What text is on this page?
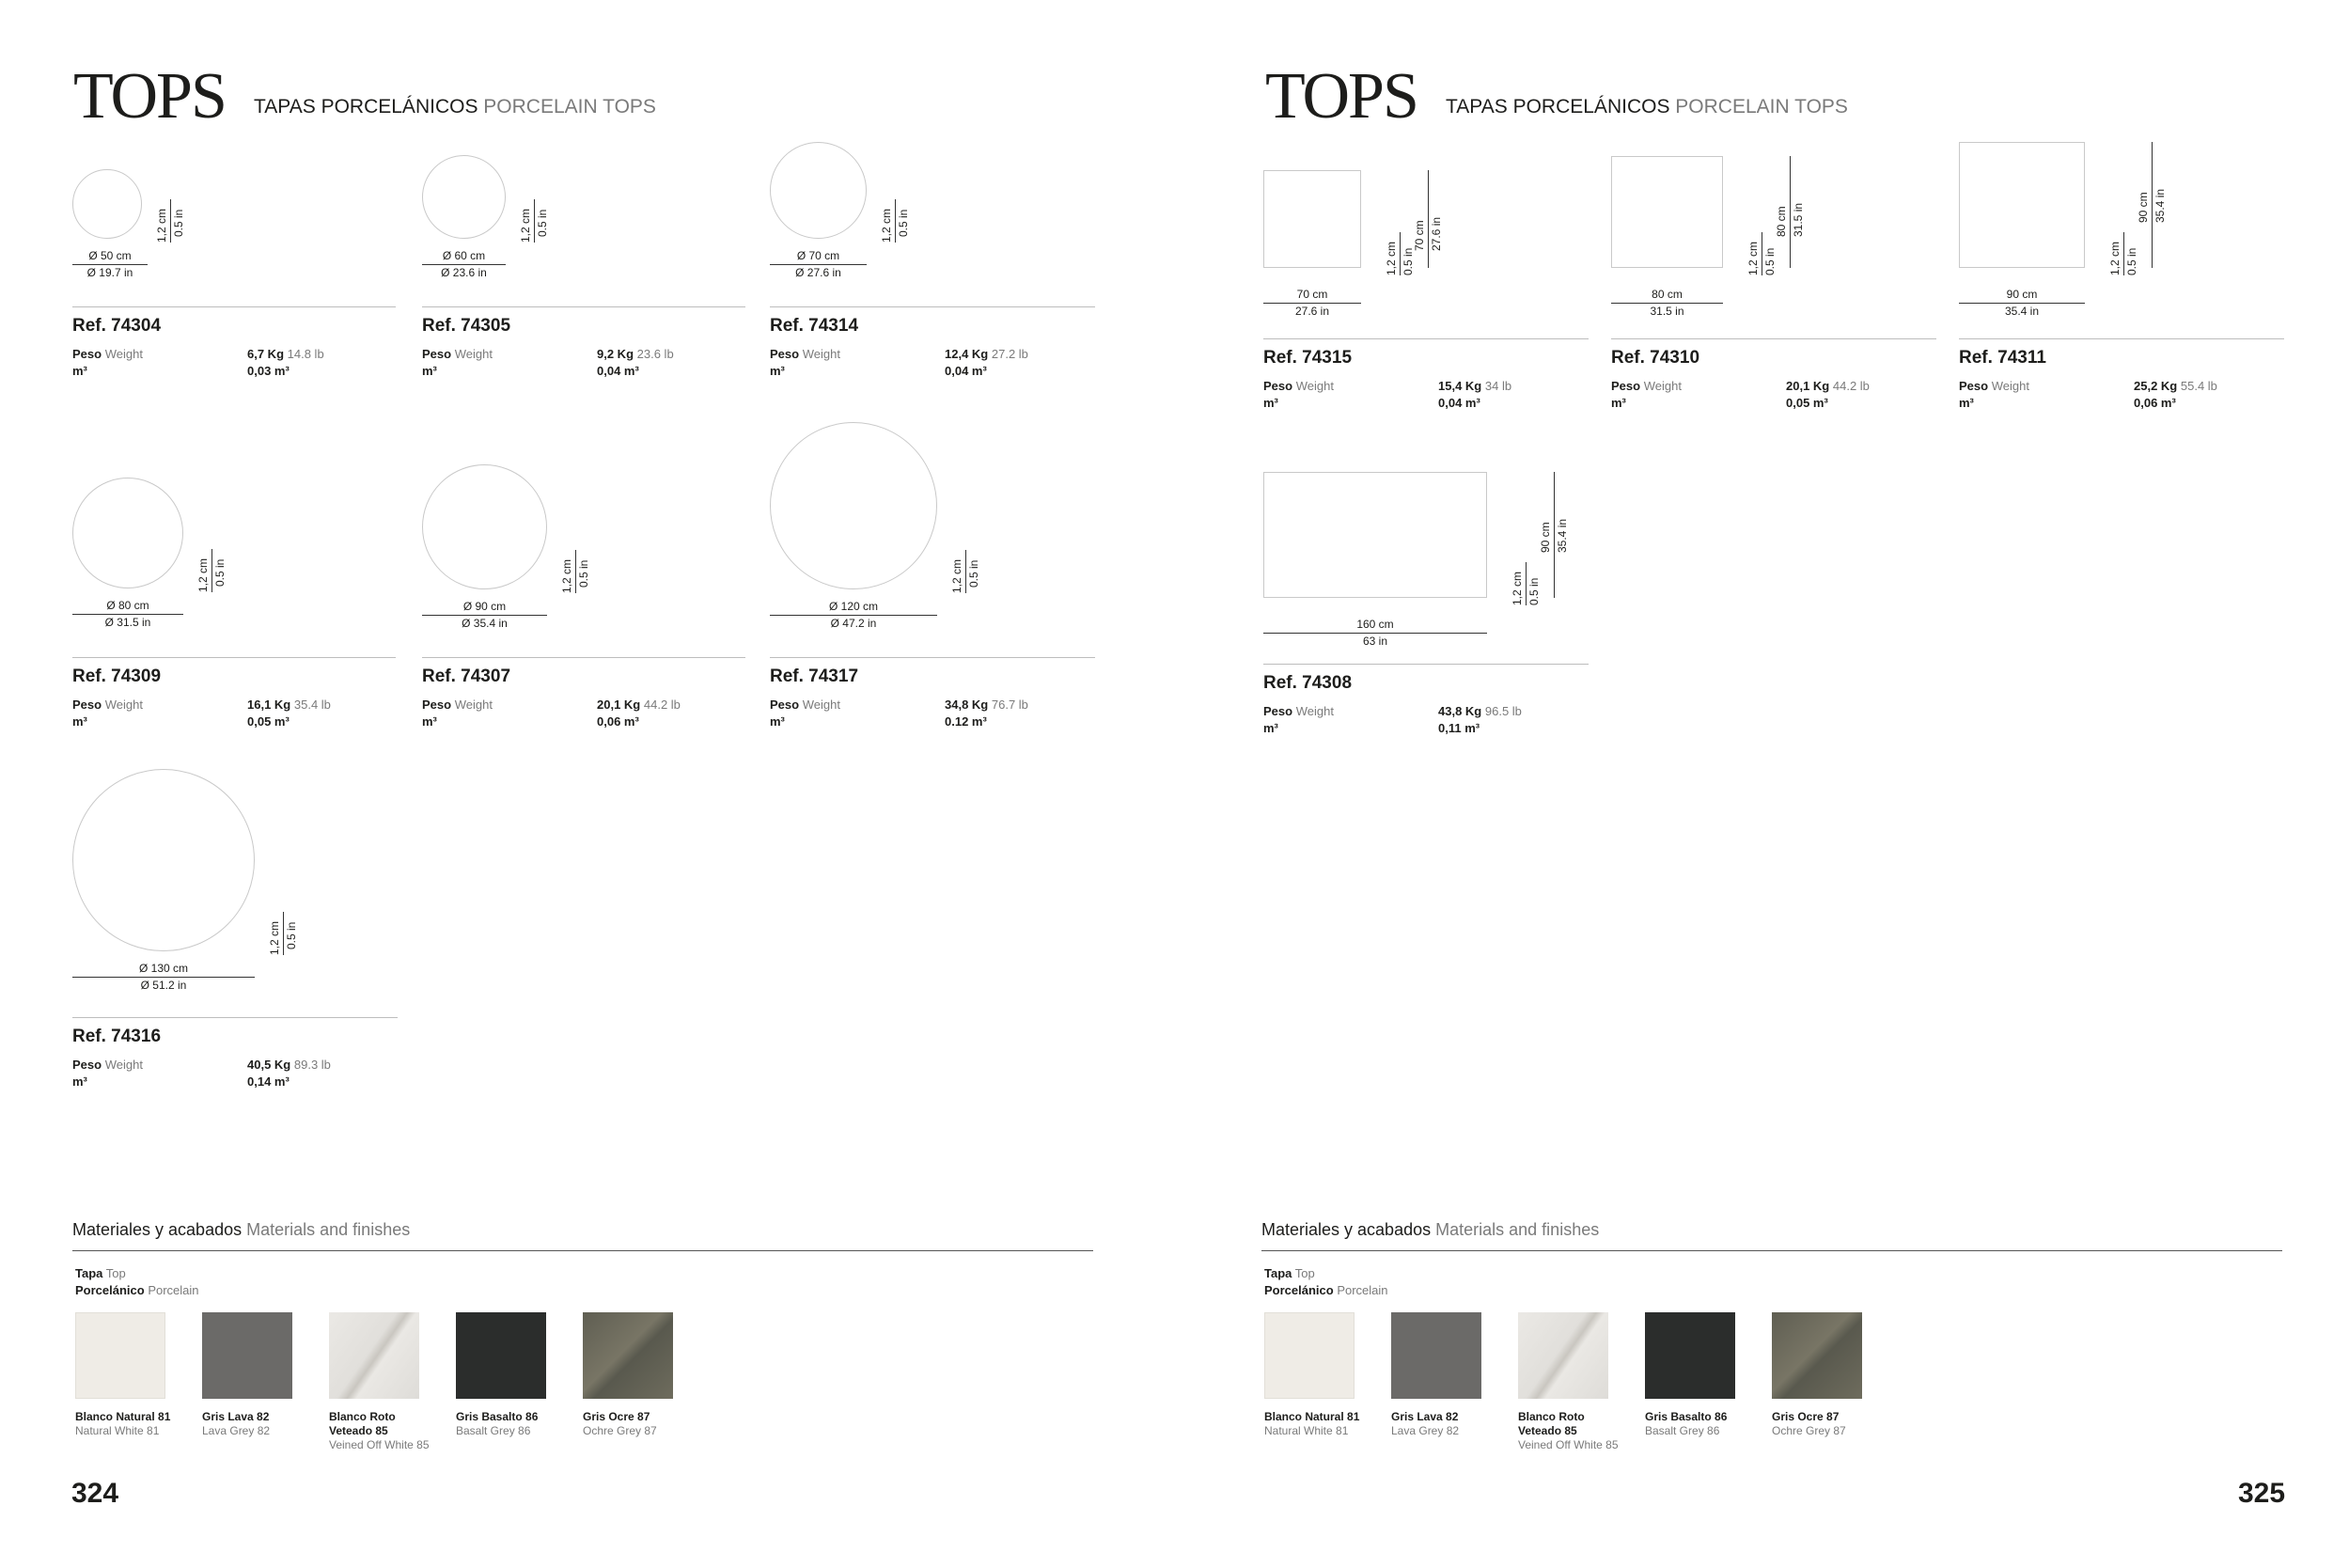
TOPS TAPAS PORCELÁNICOS PORCELAIN TOPS
Ø 50 cm
Ø 19.7 in
1,2 cm 0.5 in
Ref. 74304
Peso Weight
m³
6,7 Kg 14.8 lb
0,03 m³
Ø 60 cm
Ø 23.6 in
1,2 cm 0.5 in
Ref. 74305
Peso Weight
m³
9,2 Kg 23.6 lb
0,04 m³
Ø 70 cm
Ø 27.6 in
1,2 cm 0.5 in
Ref. 74314
Peso Weight
m³
12,4 Kg 27.2 lb
0,04 m³
Ø 80 cm
Ø 31.5 in
1,2 cm 0.5 in
Ref. 74309
Peso Weight
m³
16,1 Kg 35.4 lb
0,05 m³
Ø 90 cm
Ø 35.4 in
1,2 cm 0.5 in
Ref. 74307
Peso Weight
m³
20,1 Kg 44.2 lb
0,06 m³
Ø 120 cm
Ø 47.2 in
1,2 cm 0.5 in
Ref. 74317
Peso Weight
m³
34,8 Kg 76.7 lb
0.12 m³
Ø 130 cm
Ø 51.2 in
1,2 cm 0.5 in
Ref. 74316
Peso Weight
m³
40,5 Kg 89.3 lb
0,14 m³
TOPS TAPAS PORCELÁNICOS PORCELAIN TOPS
70 cm
27.6 in
1,2 cm 0.5 in
70 cm 27.6 in
Ref. 74315
Peso Weight
m³
15,4 Kg 34 lb
0,04 m³
80 cm
31.5 in
1,2 cm 0.5 in
80 cm 31.5 in
Ref. 74310
Peso Weight
m³
20,1 Kg 44.2 lb
0,05 m³
90 cm
35.4 in
1,2 cm 0.5 in
90 cm 35.4 in
Ref. 74311
Peso Weight
m³
25,2 Kg 55.4 lb
0,06 m³
160 cm
63 in
1,2 cm 0.5 in
90 cm 35.4 in
Ref. 74308
Peso Weight
m³
43,8 Kg 96.5 lb
0,11 m³
Materiales y acabados Materials and finishes
Tapa Top
Porcelánico Porcelain
Blanco Natural 81
Natural White 81
Gris Lava 82
Lava Grey 82
Blanco Roto
Veteado 85
Veined Off White 85
Gris Basalto 86
Basalt Grey 86
Gris Ocre 87
Ochre Grey 87
Materiales y acabados Materials and finishes
Tapa Top
Porcelánico Porcelain
Blanco Natural 81
Natural White 81
Gris Lava 82
Lava Grey 82
Blanco Roto
Veteado 85
Veined Off White 85
Gris Basalto 86
Basalt Grey 86
Gris Ocre 87
Ochre Grey 87
324	325
